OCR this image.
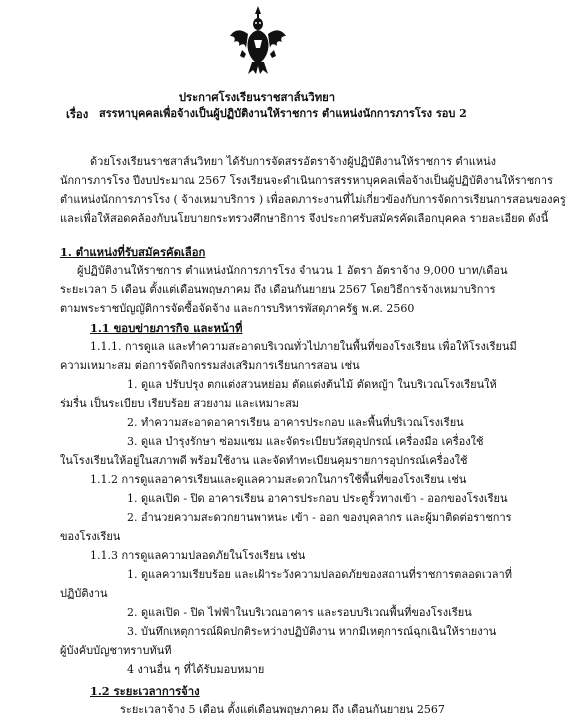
ประกาศโรงเรียนราชสาส์นวิทยา
เรื่อง สรรหาบุคคลเพื่อจ้างเป็นผู้ปฏิบัติงานให้ราชการ ตำแหน่งนักการภารโรง รอบ 2
ด้วยโรงเรียนราชสาส์นวิทยา ได้รับการจัดสรรอัตราจ้างผู้ปฏิบัติงานให้ราชการ ตำแหน่ง
นักการภารโรง ปีงบประมาณ 2567 โรงเรียนจะดำเนินการสรรหาบุคคลเพื่อจ้างเป็นผู้ปฏิบัติงานให้ราชการ
ตำแหน่งนักการภารโรง ( จ้างเหมาบริการ ) เพื่อลดภาระงานที่ไม่เกี่ยวข้องกับการจัดการเรียนการสอนของครู
และเพื่อให้สอดคล้องกับนโยบายกระทรวงศึกษาธิการ จึงประกาศรับสมัครคัดเลือกบุคคล รายละเอียด ดังนี้
1. ตำแหน่งที่รับสมัครคัดเลือก
ผู้ปฏิบัติงานให้ราชการ ตำแหน่งนักการภารโรง จำนวน 1 อัตรา อัตราจ้าง 9,000 บาท/เดือน
ระยะเวลา 5 เดือน ตั้งแต่เดือนพฤษภาคม ถึง เดือนกันยายน 2567 โดยวิธีการจ้างเหมาบริการ
ตามพระราชบัญญัติการจัดซื้อจัดจ้าง และการบริหารพัสดุภาครัฐ พ.ศ. 2560
1.1 ขอบข่ายภารกิจ และหน้าที่
1.1.1. การดูแล และทำความสะอาดบริเวณทั่วไปภายในพื้นที่ของโรงเรียน เพื่อให้โรงเรียนมี
ความเหมาะสม ต่อการจัดกิจกรรมส่งเสริมการเรียนการสอน เช่น
1. ดูแล ปรับปรุง ตกแต่งสวนหย่อม ตัดแต่งต้นไม้ ตัดหญ้า ในบริเวณโรงเรียนให้
ร่มรื่น เป็นระเบียบ เรียบร้อย สวยงาม และเหมาะสม
2. ทำความสะอาดอาคารเรียน อาคารประกอบ และพื้นที่บริเวณโรงเรียน
3. ดูแล บำรุงรักษา ซ่อมแซม และจัดระเบียบวัสดุอุปกรณ์ เครื่องมือ เครื่องใช้
ในโรงเรียนให้อยู่ในสภาพดี พร้อมใช้งาน และจัดทำทะเบียนคุมรายการอุปกรณ์เครื่องใช้
1.1.2 การดูแลอาคารเรียนและดูแลความสะดวกในการใช้พื้นที่ของโรงเรียน เช่น
1. ดูแลเปิด - ปิด อาคารเรียน อาคารประกอบ ประตูรั้วทางเข้า - ออกของโรงเรียน
2. อำนวยความสะดวกยานพาหนะ เข้า - ออก ของบุคลากร และผู้มาติดต่อราชการ
ของโรงเรียน
1.1.3 การดูแลความปลอดภัยในโรงเรียน เช่น
1. ดูแลความเรียบร้อย และเฝ้าระวังความปลอดภัยของสถานที่ราชการตลอดเวลาที่
ปฏิบัติงาน
2. ดูแลเปิด - ปิด ไฟฟ้าในบริเวณอาคาร และรอบบริเวณพื้นที่ของโรงเรียน
3. บันทึกเหตุการณ์ผิดปกติระหว่างปฏิบัติงาน หากมีเหตุการณ์ฉุกเฉินให้รายงาน
ผู้บังคับบัญชาทราบทันที
4 งานอื่น ๆ ที่ได้รับมอบหมาย
1.2 ระยะเวลาการจ้าง
ระยะเวลาจ้าง 5 เดือน ตั้งแต่เดือนพฤษภาคม ถึง เดือนกันยายน 2567
